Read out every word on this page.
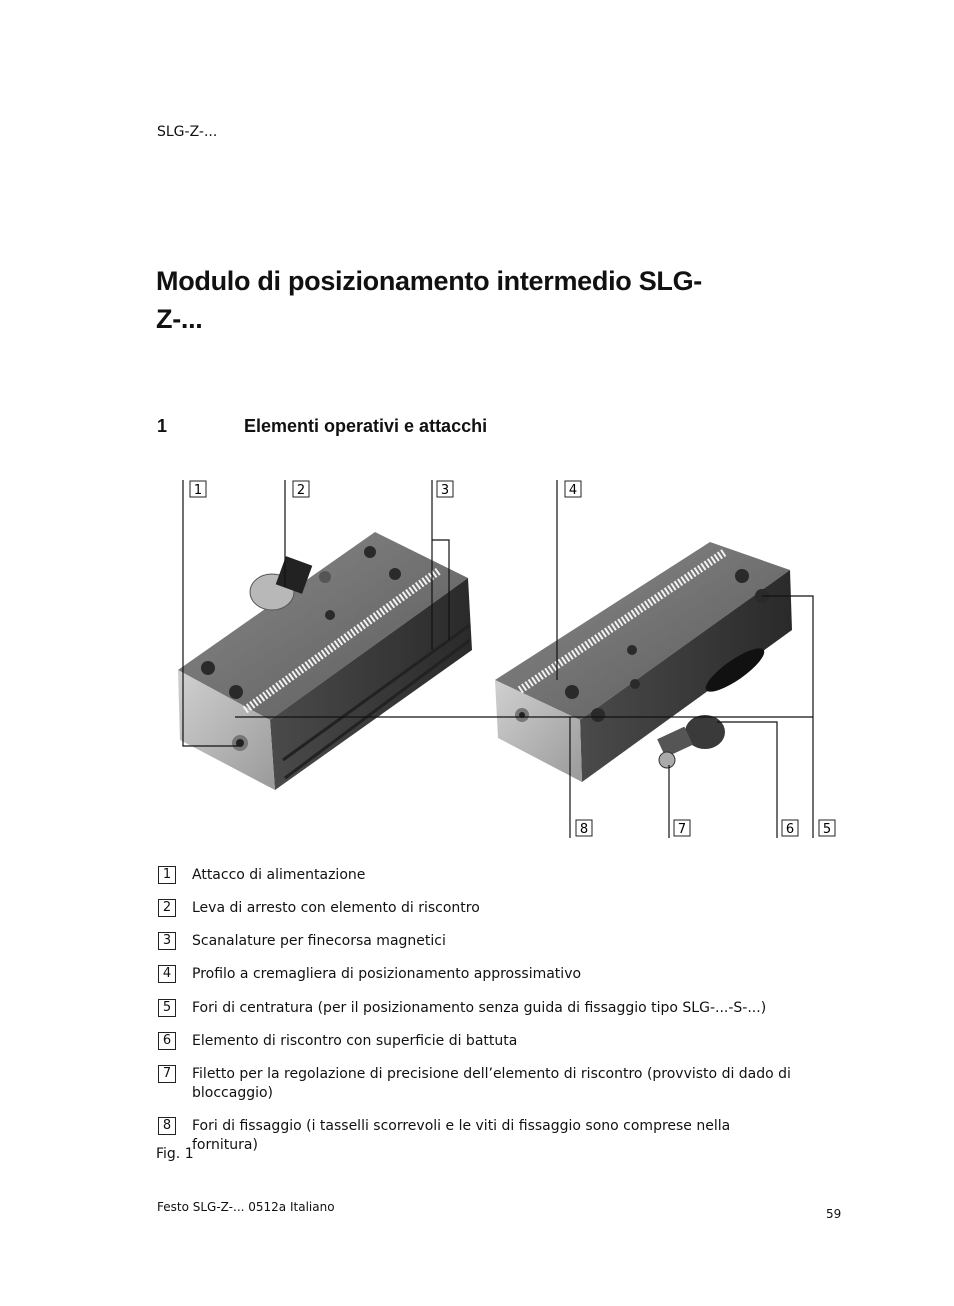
SLG-Z-...
Modulo di posizionamento intermedio SLG-
Z-...
1	Elementi operativi e attacchi
1	2	3	4
8	7	6 5
1	Attacco di alimentazione
2	Leva di arresto con elemento di riscontro
3	Scanalature per finecorsa magnetici
4	Profilo a cremagliera di posizionamento approssimativo
5	Fori di centratura (per il posizionamento senza guida di fissaggio tipo SLG-...-S-...)
6	Elemento di riscontro con superficie di battuta
7	Filetto per la regolazione di precisione dell’elemento di riscontro (provvisto di dado di bloccaggio)
8	Fori di fissaggio (i tasselli scorrevoli e le viti di fissaggio sono comprese nella fornitura)
Fig. 1
Festo SLG-Z-... 0512a Italiano	59
